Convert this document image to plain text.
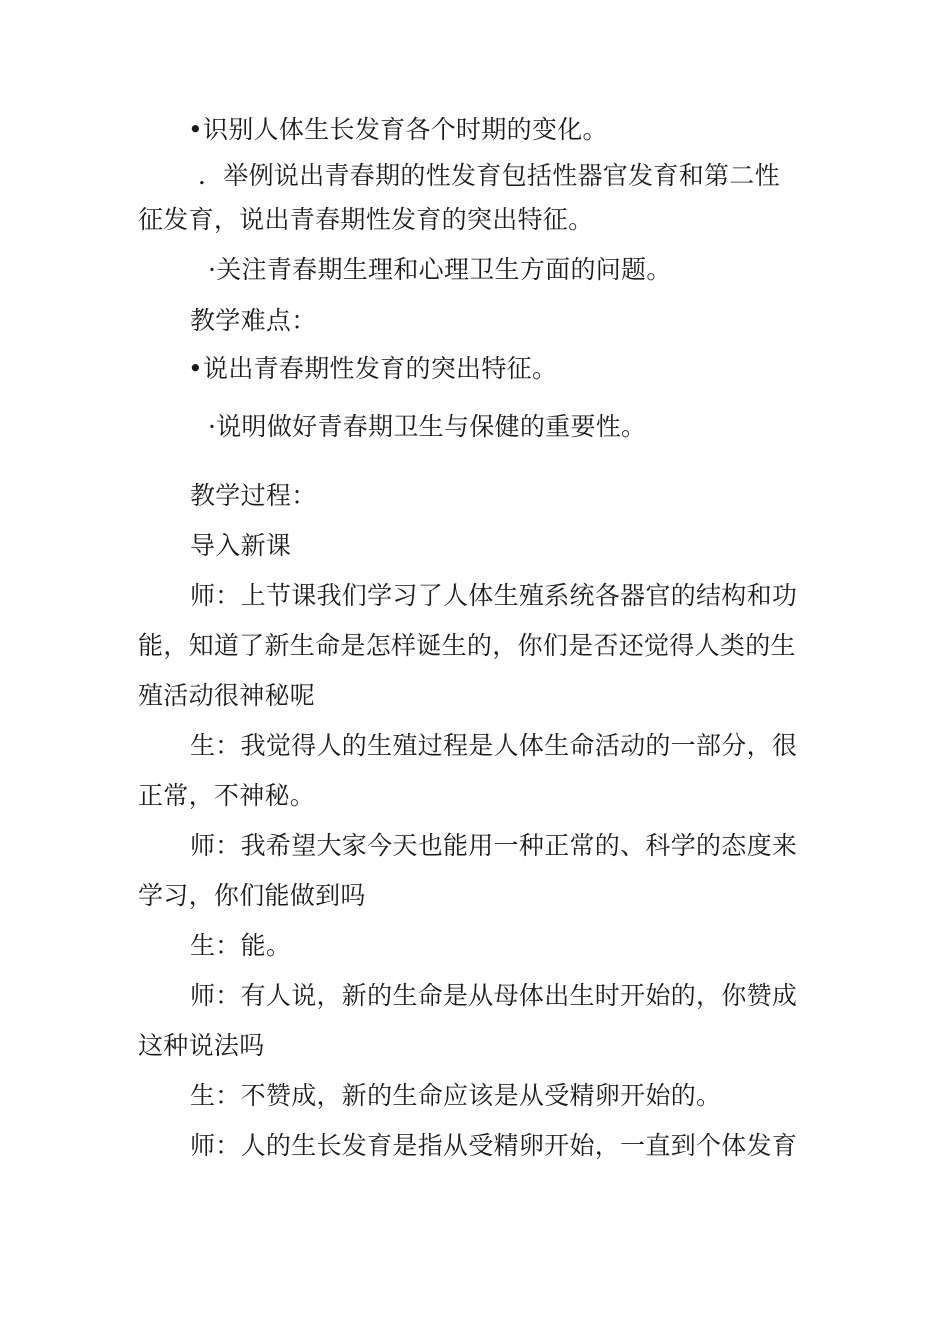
•识别人体生长发育各个时期的变化。
．举例说出青春期的性发育包括性器官发育和第二性
征发育，说出青春期性发育的突出特征。
·关注青春期生理和心理卫生方面的问题。
教学难点：
•说出青春期性发育的突出特征。
·说明做好青春期卫生与保健的重要性。
教学过程：
导入新课
师：上节课我们学习了人体生殖系统各器官的结构和功
能，知道了新生命是怎样诞生的，你们是否还觉得人类的生
殖活动很神秘呢
生：我觉得人的生殖过程是人体生命活动的一部分，很
正常，不神秘。
师：我希望大家今天也能用一种正常的、科学的态度来
学习，你们能做到吗
生：能。
师：有人说，新的生命是从母体出生时开始的，你赞成
这种说法吗
生：不赞成，新的生命应该是从受精卵开始的。
师：人的生长发育是指从受精卵开始，一直到个体发育
